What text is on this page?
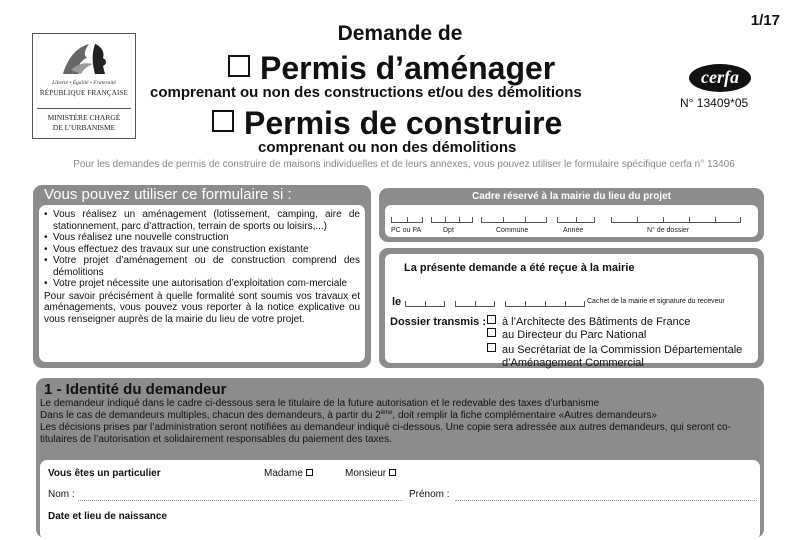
Liberté • Égalité • Fraternité
RÉPUBLIQUE FRANÇAISE
MINISTÈRE CHARGÉ
DE L’URBANISME
1/17
cerfa
N° 13409*05
Demande de
Permis d’aménager
comprenant ou non des constructions et/ou des démolitions
Permis de construire
comprenant ou non des démolitions
Pour les demandes de permis de construire de maisons individuelles et de leurs annexes, vous pouvez utiliser le formulaire spécifique cerfa n° 13406
Vous pouvez utiliser ce formulaire si :
• Vous réalisez un aménagement (lotissement, camping, aire de stationnement, parc d’attraction, terrain de sports ou loisirs,...)
• Vous réalisez une nouvelle construction
• Vous effectuez des travaux sur une construction existante
• Votre projet d’aménagement ou de construction comprend des démolitions
• Votre projet nécessite une autorisation d’exploitation com-merciale
Pour savoir précisément à quelle formalité sont soumis vos travaux et aménagements, vous pouvez vous reporter à la notice explicative ou vous renseigner auprès de la mairie du lieu de votre projet.
Cadre réservé à la mairie du lieu du projet
PC ou PA	Dpt	Commune	Année	N° de dossier
La présente demande a été reçue à la mairie
le	Cachet de la mairie et signature du receveur
Dossier transmis : à l’Architecte des Bâtiments de France
au Directeur du Parc National
au Secrétariat de la Commission Départementale
d’Aménagement Commercial
1 - Identité du demandeur
Le demandeur indiqué dans le cadre ci-dessous sera le titulaire de la future autorisation et le redevable des taxes d’urbanisme
Dans le cas de demandeurs multiples, chacun des demandeurs, à partir du 2ème, doit remplir la fiche complémentaire «Autres demandeurs»
Les décisions prises par l’administration seront notifiées au demandeur indiqué ci-dessous. Une copie sera adressée aux autres demandeurs, qui seront co-titulaires de l’autorisation et solidairement responsables du paiement des taxes.
Vous êtes un particulier	Madame	Monsieur
Nom :	Prénom :
Date et lieu de naissance
